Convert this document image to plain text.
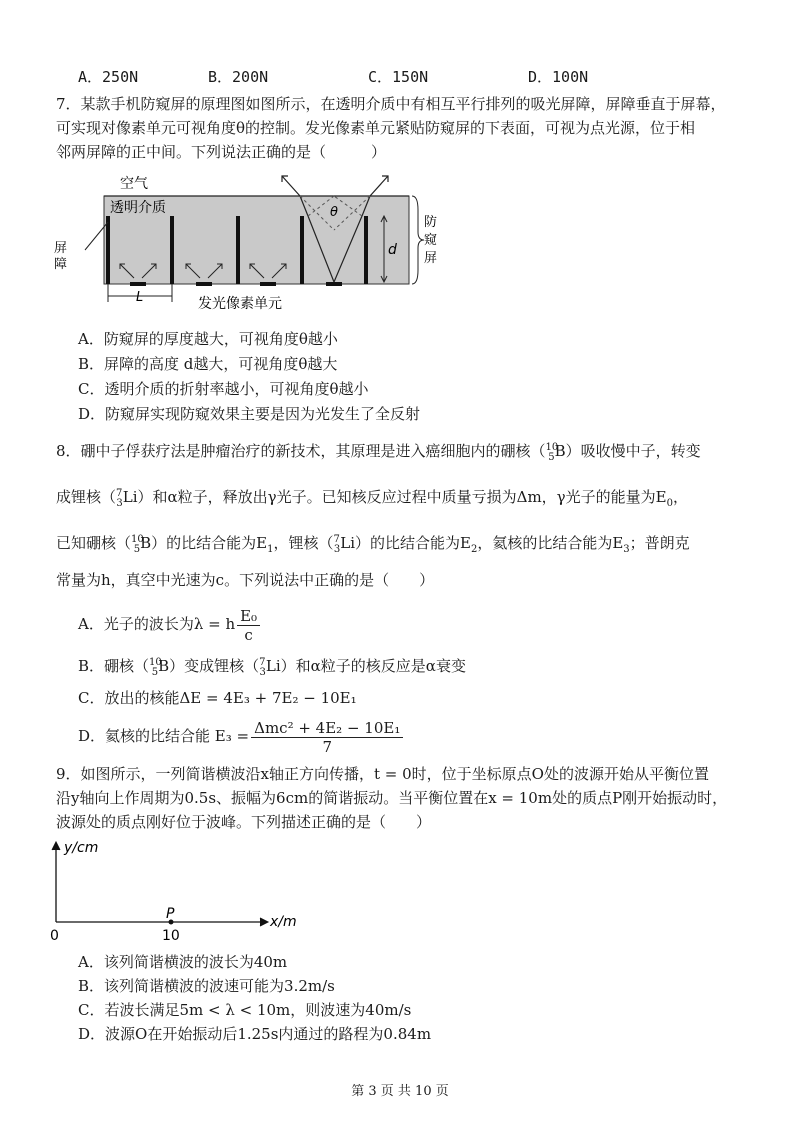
A．250N	B．200N	C．150N	D．100N
7．某款手机防窥屏的原理图如图所示，在透明介质中有相互平行排列的吸光屏障，屏障垂直于屏幕，
可实现对像素单元可视角度θ的控制。发光像素单元紧贴防窥屏的下表面，可视为点光源，位于相
邻两屏障的正中间。下列说法正确的是（　　　）
空气
透明介质
屏
障
θ
d
防
窥
屏
L	发光像素单元
A．防窥屏的厚度越大，可视角度θ越小
B．屏障的高度 d越大，可视角度θ越大
C．透明介质的折射率越小，可视角度θ越小
D．防窥屏实现防窥效果主要是因为光发生了全反射
8．硼中子俘获疗法是肿瘤治疗的新技术，其原理是进入癌细胞内的硼核（$^{10}_5$B）吸收慢中子，转变
成锂核（$^7_3$Li）和α粒子，释放出γ光子。已知核反应过程中质量亏损为Δm，γ光子的能量为$E_0$，
已知硼核（$^{10}_5$B）的比结合能为$E_1$，锂核（$^7_3$Li）的比结合能为$E_2$，氦核的比结合能为$E_3$；普朗克
常量为h，真空中光速为c。下列说法中正确的是（　　）
A．光子的波长为λ = h $\frac{\text{E₀}}{c}$
B．硼核（$^{10}_5$B）变成锂核（$^7_3$Li）和α粒子的核反应是α衰变
C．放出的核能ΔE = 4E₃ + 7E₂ − 10E₁
D．氦核的比结合能 $E_3 = \frac{\text{Δmc² + 4E₂ − 10E₁}}{7}$
9．如图所示，一列简谐横波沿x轴正方向传播，t = 0时，位于坐标原点O处的波源开始从平衡位置
沿y轴向上作周期为0.5s、振幅为6cm的简谐振动。当平衡位置在x = 10m处的质点P刚开始振动时，
波源处的质点刚好位于波峰。下列描述正确的是（　　）
y/cm
x/m
0
P
10
A．该列简谐横波的波长为40m
B．该列简谐横波的波速可能为3.2m/s
C．若波长满足5m < λ < 10m，则波速为40m/s
D．波源O在开始振动后1.25s内通过的路程为0.84m
第 3 页 共 10 页
